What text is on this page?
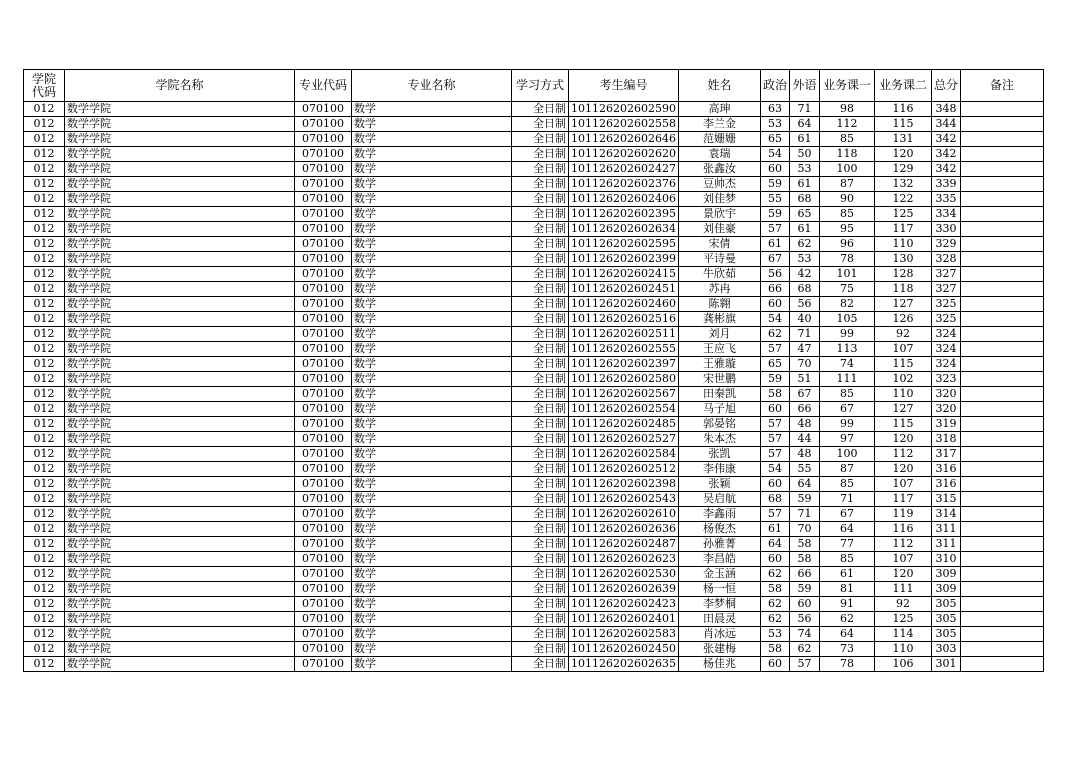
学院代码	学院名称	专业代码	专业名称	学习方式	考生编号	姓名	政治	外语	业务课一	业务课二	总分	备注
012	数学学院	070100	数学	全日制	101126202602590	高珅	63	71	98	116	348	
012	数学学院	070100	数学	全日制	101126202602558	李兰金	53	64	112	115	344	
012	数学学院	070100	数学	全日制	101126202602646	范姗姗	65	61	85	131	342	
012	数学学院	070100	数学	全日制	101126202602620	袁瑞	54	50	118	120	342	
012	数学学院	070100	数学	全日制	101126202602427	张鑫汝	60	53	100	129	342	
012	数学学院	070100	数学	全日制	101126202602376	豆帅杰	59	61	87	132	339	
012	数学学院	070100	数学	全日制	101126202602406	刘佳梦	55	68	90	122	335	
012	数学学院	070100	数学	全日制	101126202602395	景欣宇	59	65	85	125	334	
012	数学学院	070100	数学	全日制	101126202602634	刘佳豪	57	61	95	117	330	
012	数学学院	070100	数学	全日制	101126202602595	宋倩	61	62	96	110	329	
012	数学学院	070100	数学	全日制	101126202602399	平诗曼	67	53	78	130	328	
012	数学学院	070100	数学	全日制	101126202602415	牛欣茹	56	42	101	128	327	
012	数学学院	070100	数学	全日制	101126202602451	苏冉	66	68	75	118	327	
012	数学学院	070100	数学	全日制	101126202602460	陈翱	60	56	82	127	325	
012	数学学院	070100	数学	全日制	101126202602516	龚彬旗	54	40	105	126	325	
012	数学学院	070100	数学	全日制	101126202602511	刘月	62	71	99	92	324	
012	数学学院	070100	数学	全日制	101126202602555	王应飞	57	47	113	107	324	
012	数学学院	070100	数学	全日制	101126202602397	王雅璇	65	70	74	115	324	
012	数学学院	070100	数学	全日制	101126202602580	宋世鹏	59	51	111	102	323	
012	数学学院	070100	数学	全日制	101126202602567	田秦凯	58	67	85	110	320	
012	数学学院	070100	数学	全日制	101126202602554	马子旭	60	66	67	127	320	
012	数学学院	070100	数学	全日制	101126202602485	郭晏铭	57	48	99	115	319	
012	数学学院	070100	数学	全日制	101126202602527	朱本杰	57	44	97	120	318	
012	数学学院	070100	数学	全日制	101126202602584	张凯	57	48	100	112	317	
012	数学学院	070100	数学	全日制	101126202602512	李伟康	54	55	87	120	316	
012	数学学院	070100	数学	全日制	101126202602398	张颖	60	64	85	107	316	
012	数学学院	070100	数学	全日制	101126202602543	吴启航	68	59	71	117	315	
012	数学学院	070100	数学	全日制	101126202602610	李鑫雨	57	71	67	119	314	
012	数学学院	070100	数学	全日制	101126202602636	杨俊杰	61	70	64	116	311	
012	数学学院	070100	数学	全日制	101126202602487	孙雅菁	64	58	77	112	311	
012	数学学院	070100	数学	全日制	101126202602623	李昌皓	60	58	85	107	310	
012	数学学院	070100	数学	全日制	101126202602530	金玉涵	62	66	61	120	309	
012	数学学院	070100	数学	全日制	101126202602639	杨一恒	58	59	81	111	309	
012	数学学院	070100	数学	全日制	101126202602423	李梦桐	62	60	91	92	305	
012	数学学院	070100	数学	全日制	101126202602401	田晨灵	62	56	62	125	305	
012	数学学院	070100	数学	全日制	101126202602583	肖冰远	53	74	64	114	305	
012	数学学院	070100	数学	全日制	101126202602450	张建梅	58	62	73	110	303	
012	数学学院	070100	数学	全日制	101126202602635	杨佳兆	60	57	78	106	301	
